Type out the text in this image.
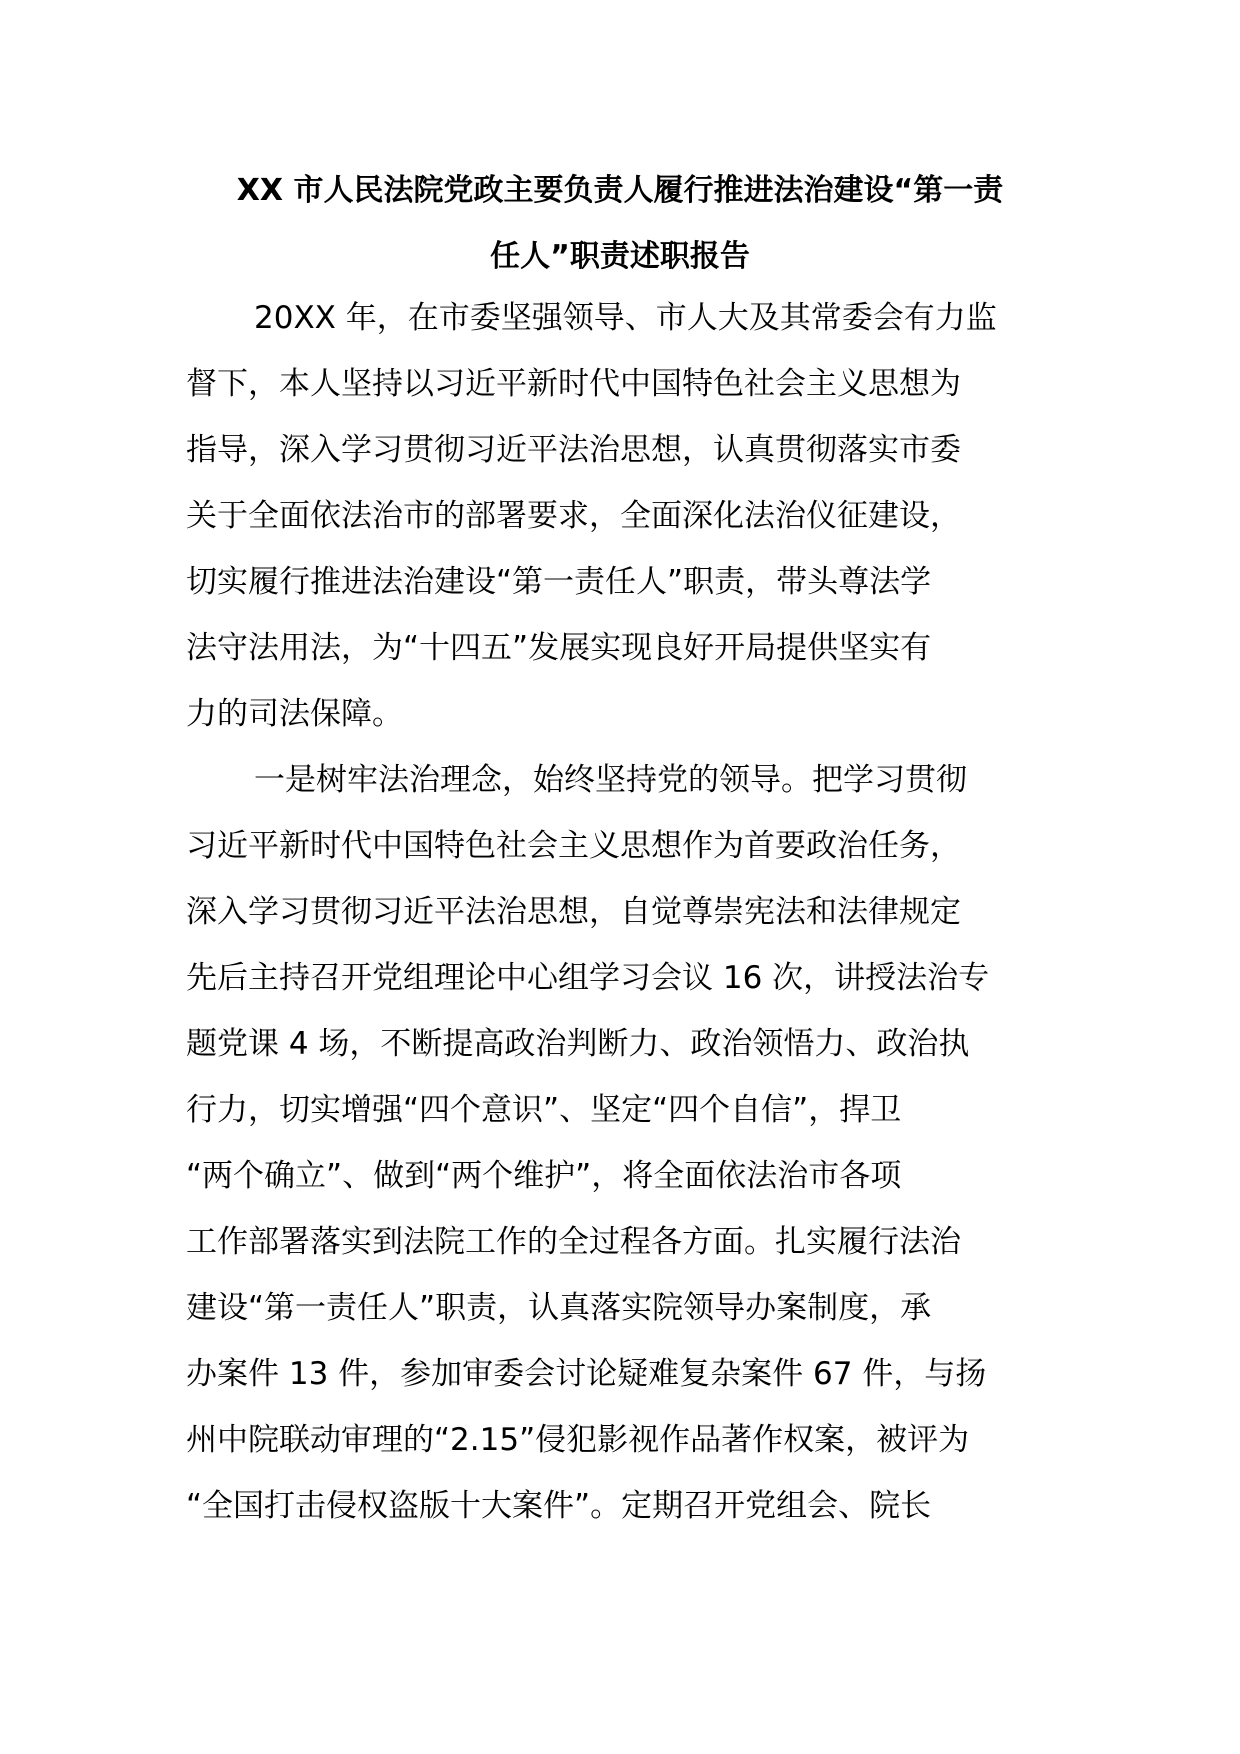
XX 市人民法院党政主要负责人履行推进法治建设“第一责
任人”职责述职报告
20XX 年，在市委坚强领导、市人大及其常委会有力监
督下，本人坚持以习近平新时代中国特色社会主义思想为
指导，深入学习贯彻习近平法治思想，认真贯彻落实市委
关于全面依法治市的部署要求，全面深化法治仪征建设，
切实履行推进法治建设“第一责任人”职责，带头尊法学
法守法用法，为“十四五”发展实现良好开局提供坚实有
力的司法保障。
一是树牢法治理念，始终坚持党的领导。把学习贯彻
习近平新时代中国特色社会主义思想作为首要政治任务，
深入学习贯彻习近平法治思想，自觉尊崇宪法和法律规定
先后主持召开党组理论中心组学习会议 16 次，讲授法治专
题党课 4 场，不断提高政治判断力、政治领悟力、政治执
行力，切实增强“四个意识”、坚定“四个自信”，捍卫
“两个确立”、做到“两个维护”，将全面依法治市各项
工作部署落实到法院工作的全过程各方面。扎实履行法治
建设“第一责任人”职责，认真落实院领导办案制度，承
办案件 13 件，参加审委会讨论疑难复杂案件 67 件，与扬
州中院联动审理的“2.15”侵犯影视作品著作权案，被评为
“全国打击侵权盗版十大案件”。定期召开党组会、院长
